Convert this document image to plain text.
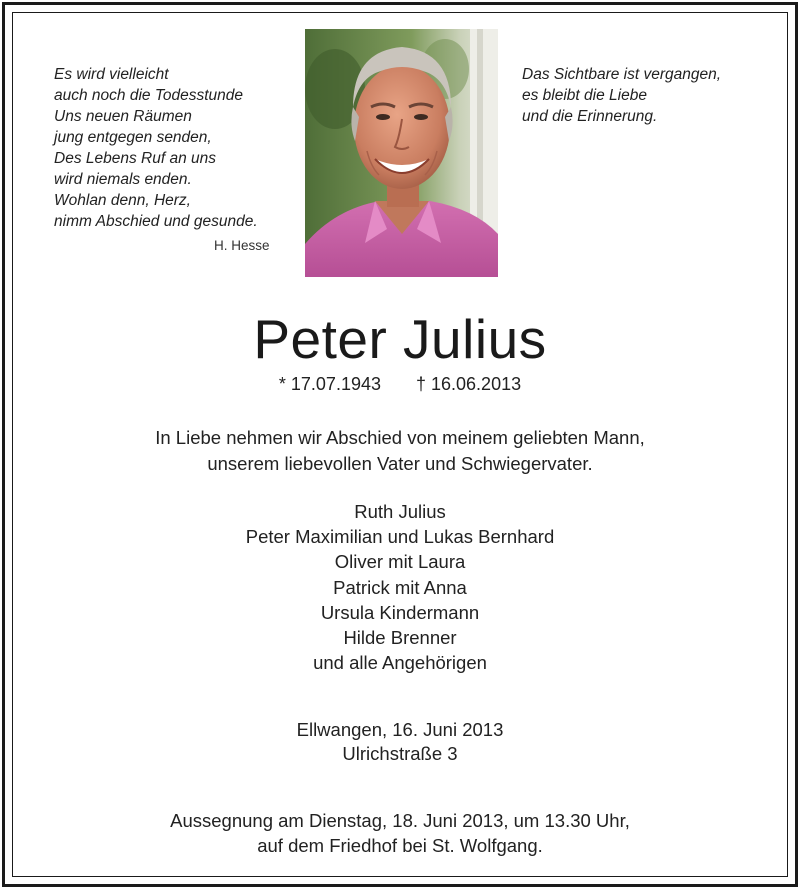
Es wird vielleicht
auch noch die Todesstunde
Uns neuen Räumen
jung entgegen senden,
Des Lebens Ruf an uns
wird niemals enden.
Wohlan denn, Herz,
nimm Abschied und gesunde.
H. Hesse
Das Sichtbare ist vergangen,
es bleibt die Liebe
und die Erinnerung.
Peter Julius
* 17.07.1943 † 16.06.2013
In Liebe nehmen wir Abschied von meinem geliebten Mann,
unserem liebevollen Vater und Schwiegervater.
Ruth Julius
Peter Maximilian und Lukas Bernhard
Oliver mit Laura
Patrick mit Anna
Ursula Kindermann
Hilde Brenner
und alle Angehörigen
Ellwangen, 16. Juni 2013
Ulrichstraße 3
Aussegnung am Dienstag, 18. Juni 2013, um 13.30 Uhr,
auf dem Friedhof bei St. Wolfgang.
